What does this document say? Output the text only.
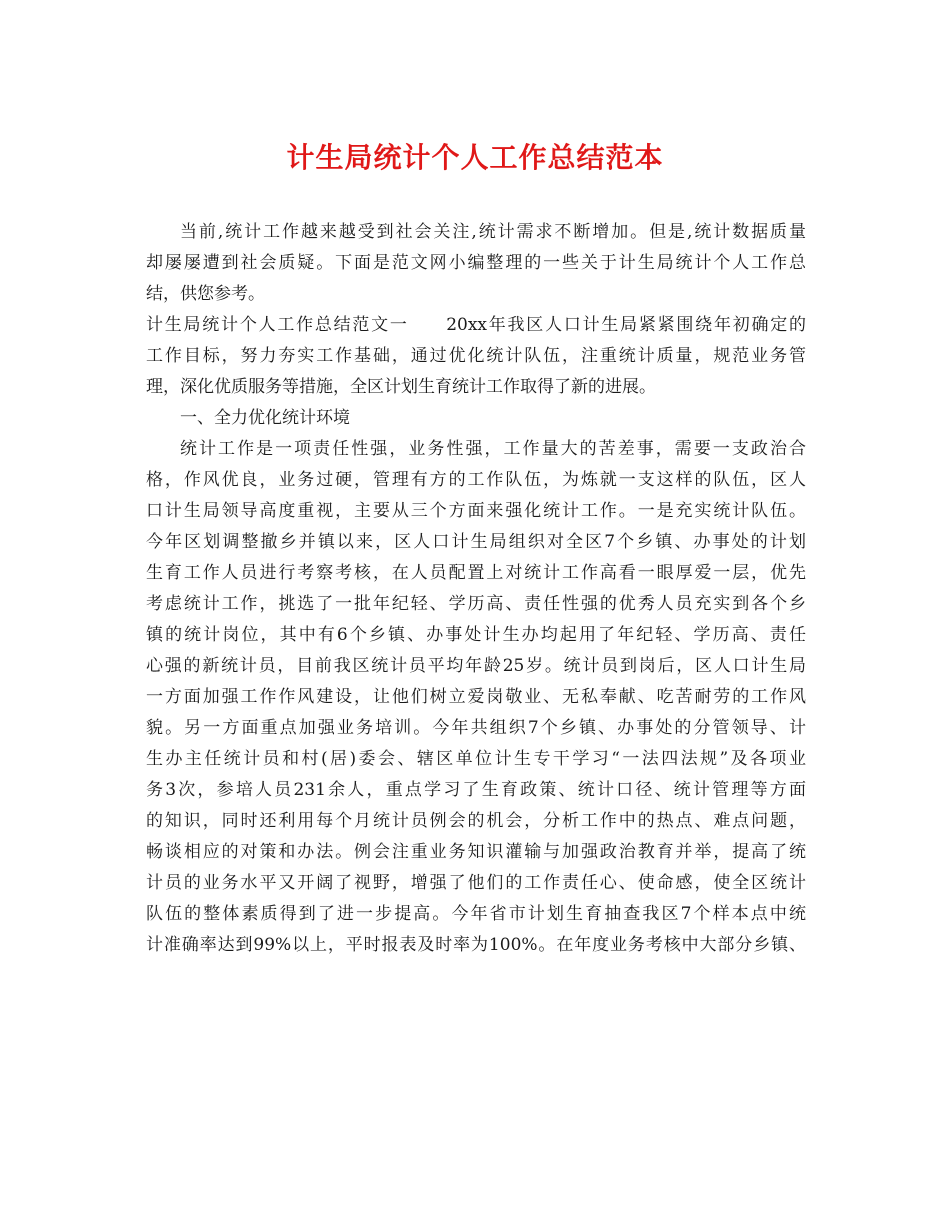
计生局统计个人工作总结范本
当前,统计工作越来越受到社会关注,统计需求不断增加。但是,统计数据质量
却屡屡遭到社会质疑。下面是范文网小编整理的一些关于计生局统计个人工作总
结，供您参考。
计生局统计个人工作总结范文一　　20xx年我区人口计生局紧紧围绕年初确定的
工作目标，努力夯实工作基础，通过优化统计队伍，注重统计质量，规范业务管
理，深化优质服务等措施，全区计划生育统计工作取得了新的进展。
一、全力优化统计环境
统计工作是一项责任性强，业务性强，工作量大的苦差事，需要一支政治合
格，作风优良，业务过硬，管理有方的工作队伍，为炼就一支这样的队伍，区人
口计生局领导高度重视，主要从三个方面来强化统计工作。一是充实统计队伍。
今年区划调整撤乡并镇以来，区人口计生局组织对全区7个乡镇、办事处的计划
生育工作人员进行考察考核，在人员配置上对统计工作高看一眼厚爱一层，优先
考虑统计工作，挑选了一批年纪轻、学历高、责任性强的优秀人员充实到各个乡
镇的统计岗位，其中有6个乡镇、办事处计生办均起用了年纪轻、学历高、责任
心强的新统计员，目前我区统计员平均年龄25岁。统计员到岗后，区人口计生局
一方面加强工作作风建设，让他们树立爱岗敬业、无私奉献、吃苦耐劳的工作风
貌。另一方面重点加强业务培训。今年共组织7个乡镇、办事处的分管领导、计
生办主任统计员和村(居)委会、辖区单位计生专干学习“一法四法规”及各项业
务3次，参培人员231余人，重点学习了生育政策、统计口径、统计管理等方面
的知识，同时还利用每个月统计员例会的机会，分析工作中的热点、难点问题，
畅谈相应的对策和办法。例会注重业务知识灌输与加强政治教育并举，提高了统
计员的业务水平又开阔了视野，增强了他们的工作责任心、使命感，使全区统计
队伍的整体素质得到了进一步提高。今年省市计划生育抽查我区7个样本点中统
计准确率达到99%以上，平时报表及时率为100%。在年度业务考核中大部分乡镇、
